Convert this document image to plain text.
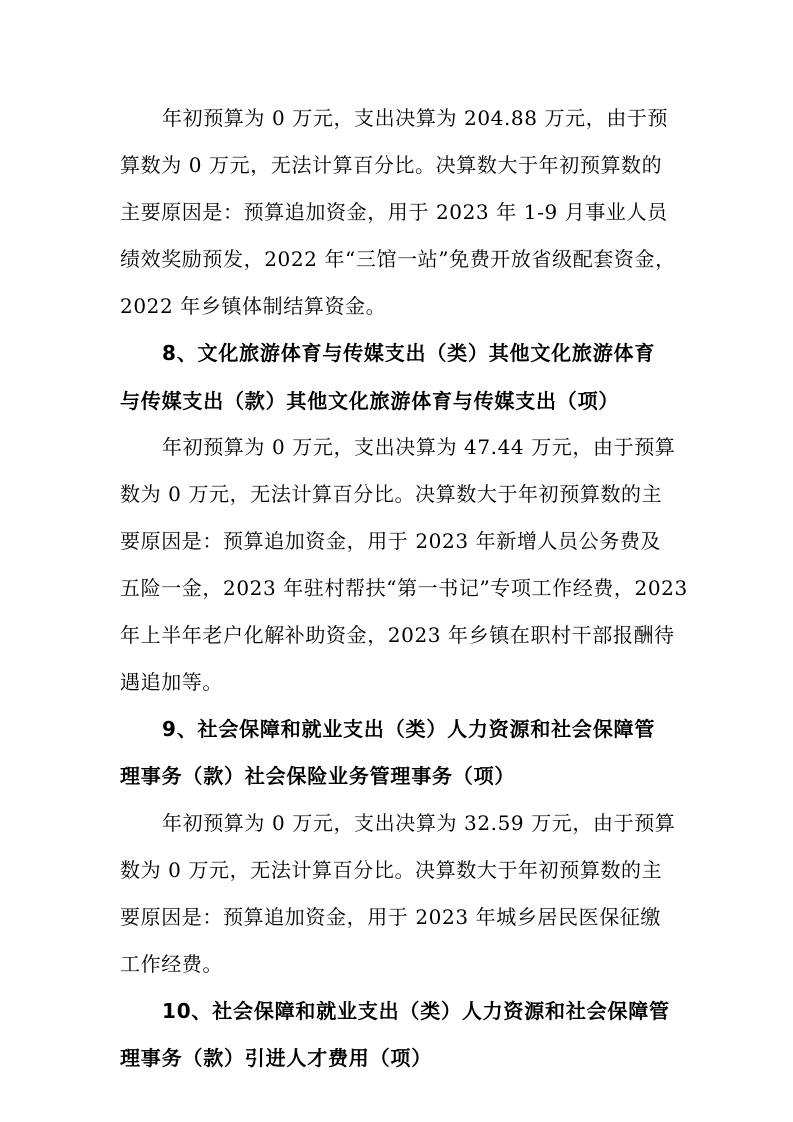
年初预算为 0 万元，支出决算为 204.88 万元，由于预
算数为 0 万元，无法计算百分比。决算数大于年初预算数的
主要原因是：预算追加资金，用于 2023 年 1-9 月事业人员
绩效奖励预发，2022 年“三馆一站”免费开放省级配套资金，
2022 年乡镇体制结算资金。
8、文化旅游体育与传媒支出（类）其他文化旅游体育
与传媒支出（款）其他文化旅游体育与传媒支出（项）
年初预算为 0 万元，支出决算为 47.44 万元，由于预算
数为 0 万元，无法计算百分比。决算数大于年初预算数的主
要原因是：预算追加资金，用于 2023 年新增人员公务费及
五险一金，2023 年驻村帮扶“第一书记”专项工作经费，2023
年上半年老户化解补助资金，2023 年乡镇在职村干部报酬待
遇追加等。
9、社会保障和就业支出（类）人力资源和社会保障管
理事务（款）社会保险业务管理事务（项）
年初预算为 0 万元，支出决算为 32.59 万元，由于预算
数为 0 万元，无法计算百分比。决算数大于年初预算数的主
要原因是：预算追加资金，用于 2023 年城乡居民医保征缴
工作经费。
10、社会保障和就业支出（类）人力资源和社会保障管
理事务（款）引进人才费用（项）
